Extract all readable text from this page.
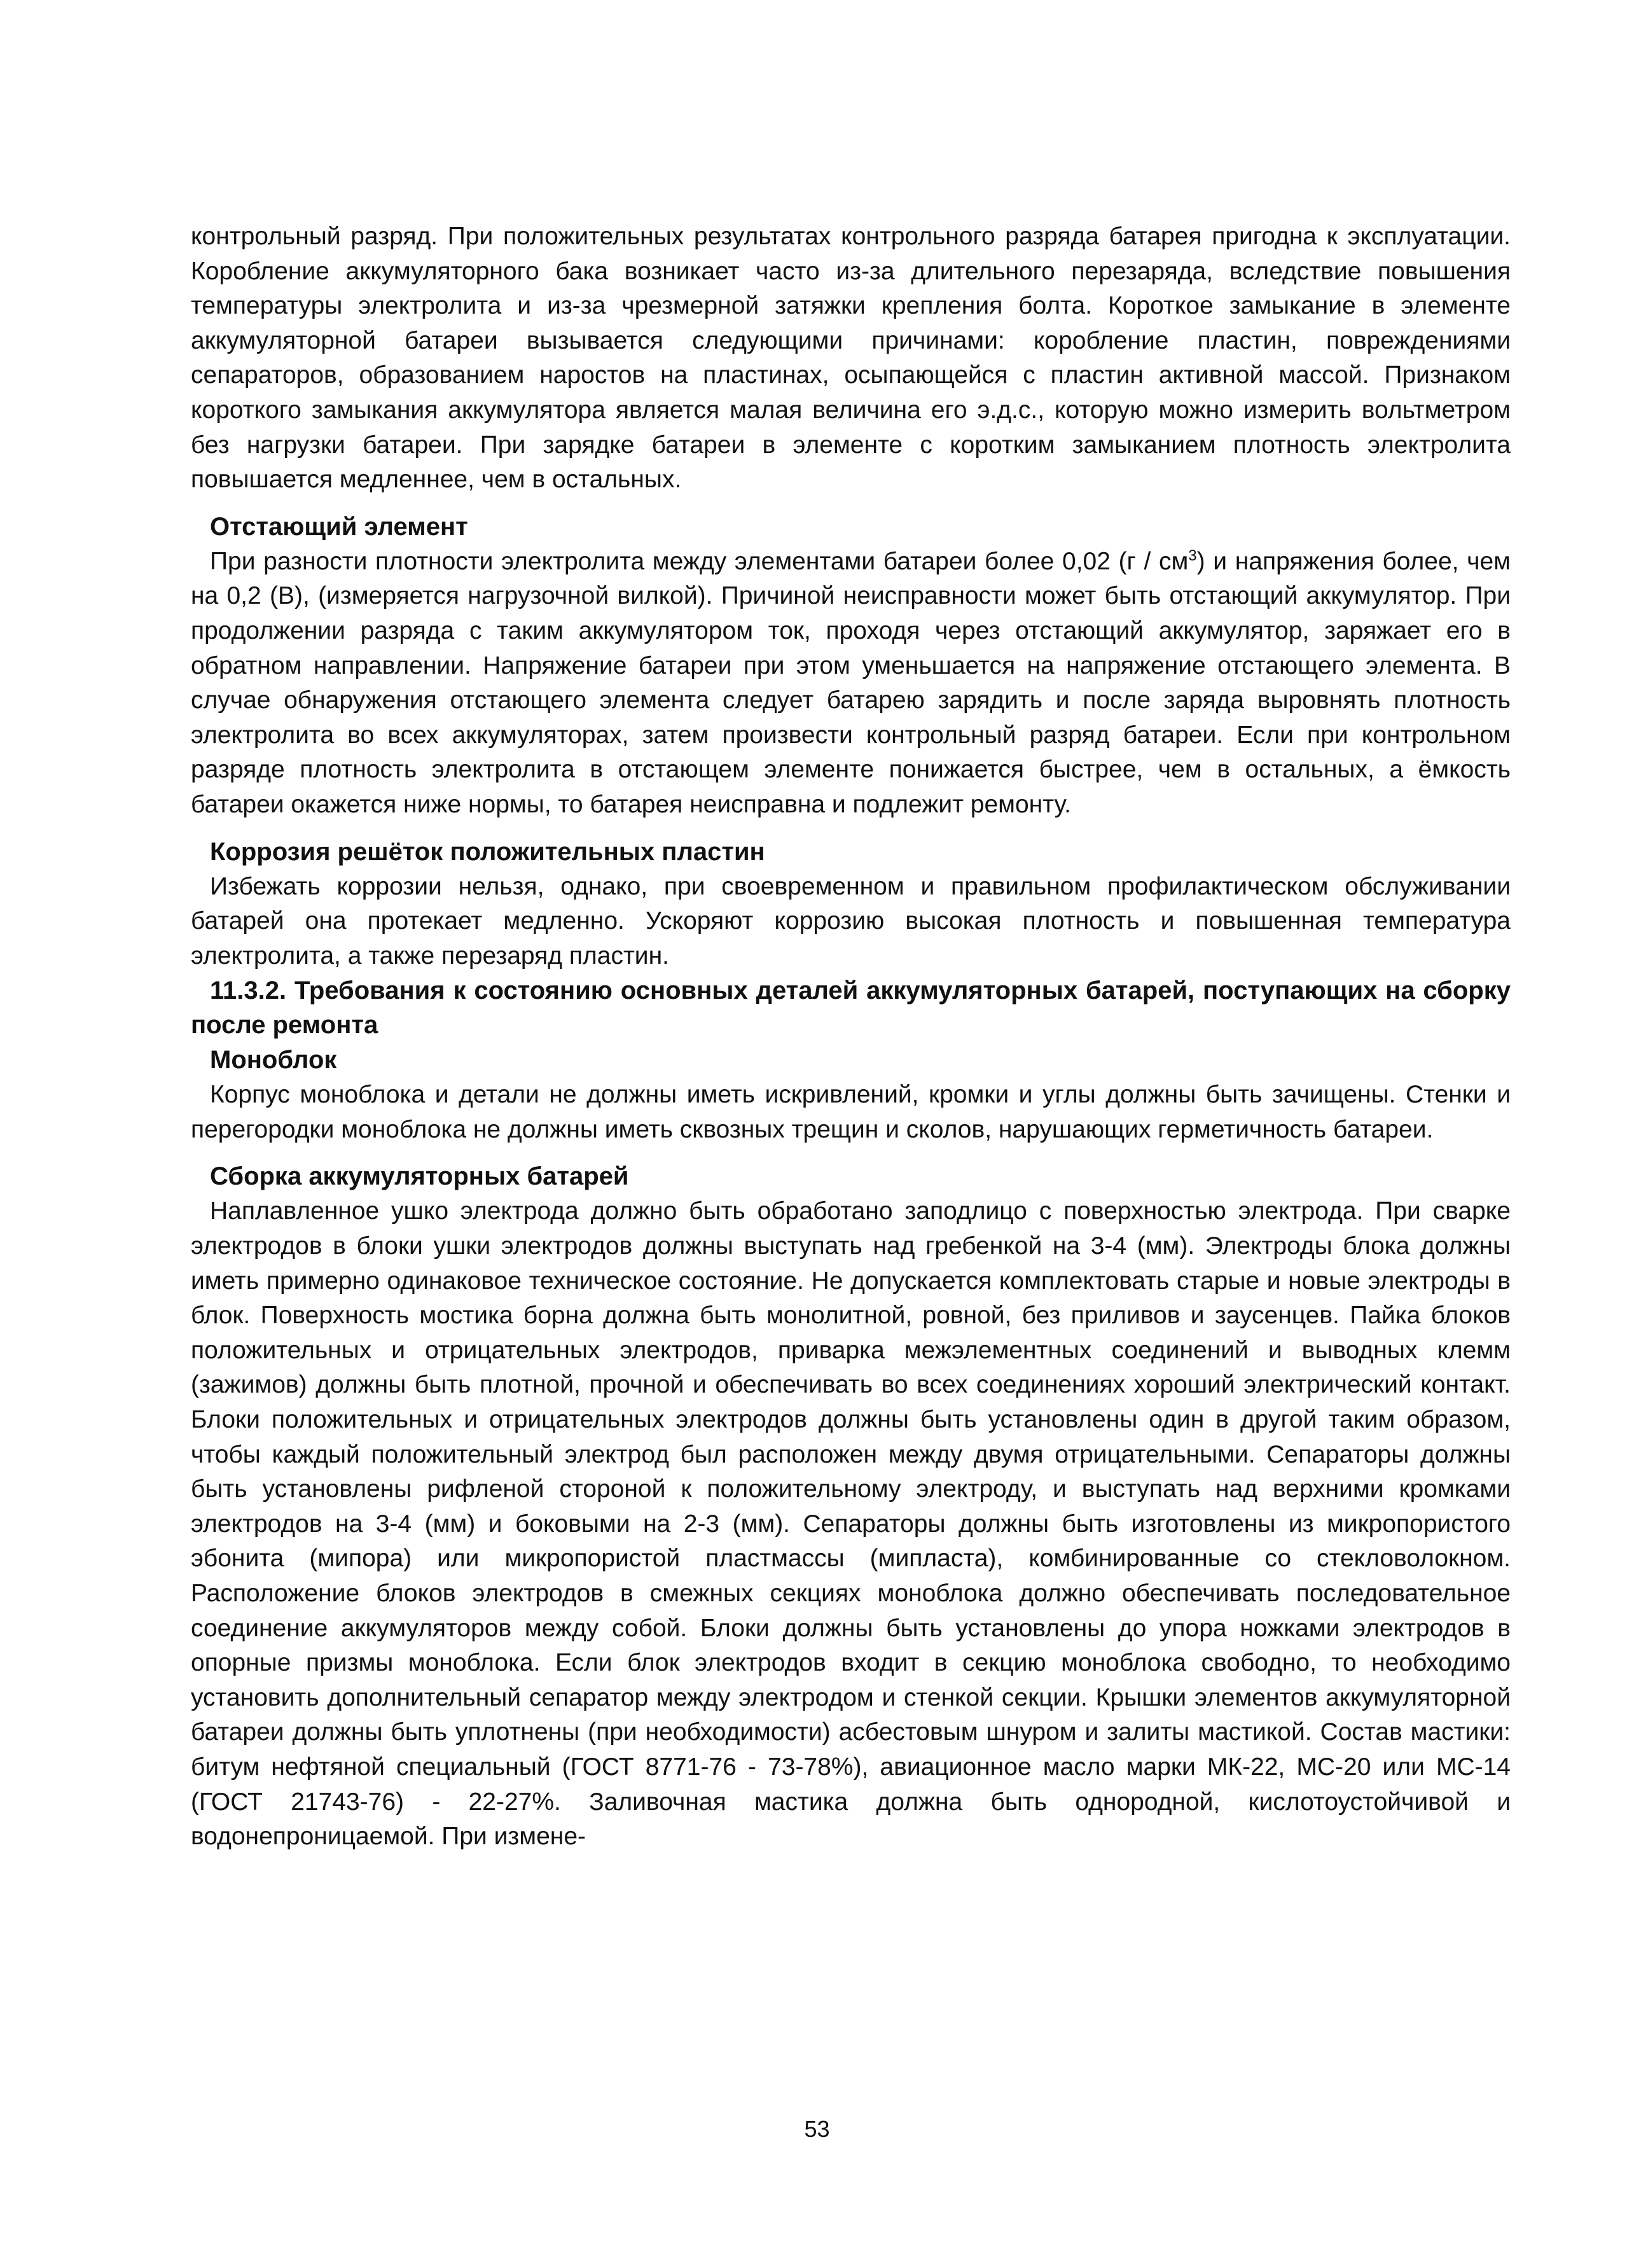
контрольный разряд. При положительных результатах контрольного разряда батарея пригодна к эксплуатации. Коробление аккумуляторного бака возникает часто из-за длительного перезаряда, вследствие повышения температуры электролита и из-за чрезмерной затяжки крепления болта. Короткое замыкание в элементе аккумуляторной батареи вызывается следующими причинами: коробление пластин, повреждениями сепараторов, образованием наростов на пластинах, осыпающейся с пластин активной массой. Признаком короткого замыкания аккумулятора является малая величина его э.д.с., которую можно измерить вольтметром без нагрузки батареи. При зарядке батареи в элементе с коротким замыканием плотность электролита повышается медленнее, чем в остальных.

Отстающий элемент

При разности плотности электролита между элементами батареи более 0,02 $(г / см^3)$ и напряжения более, чем на 0,2 (В), (измеряется нагрузочной вилкой). Причиной неисправности может быть отстающий аккумулятор. При продолжении разряда с таким аккумулятором ток, проходя через отстающий аккумулятор, заряжает его в обратном направлении. Напряжение батареи при этом уменьшается на напряжение отстающего элемента. В случае обнаружения отстающего элемента следует батарею зарядить и после заряда выровнять плотность электролита во всех аккумуляторах, затем произвести контрольный разряд батареи. Если при контрольном разряде плотность электролита в отстающем элементе понижается быстрее, чем в остальных, а ёмкость батареи окажется ниже нормы, то батарея неисправна и подлежит ремонту.

Коррозия решёток положительных пластин

Избежать коррозии нельзя, однако, при своевременном и правильном профилактическом обслуживании батарей она протекает медленно. Ускоряют коррозию высокая плотность и повышенная температура электролита, а также перезаряд пластин.

11.3.2. Требования к состоянию основных деталей аккумуляторных батарей, поступающих на сборку после ремонта
Моноблок

Корпус моноблока и детали не должны иметь искривлений, кромки и углы должны быть зачищены. Стенки и перегородки моноблока не должны иметь сквозных трещин и сколов, нарушающих герметичность батареи.

Сборка аккумуляторных батарей

Наплавленное ушко электрода должно быть обработано заподлицо с поверхностью электрода. При сварке электродов в блоки ушки электродов должны выступать над гребенкой на 3-4 (мм). Электроды блока должны иметь примерно одинаковое техническое состояние. Не допускается комплектовать старые и новые электроды в блок. Поверхность мостика борна должна быть монолитной, ровной, без приливов и заусенцев. Пайка блоков положительных и отрицательных электродов, приварка межэлементных соединений и выводных клемм (зажимов) должны быть плотной, прочной и обеспечивать во всех соединениях хороший электрический контакт. Блоки положительных и отрицательных электродов должны быть установлены один в другой таким образом, чтобы каждый положительный электрод был расположен между двумя отрицательными. Сепараторы должны быть установлены рифленой стороной к положительному электроду, и выступать над верхними кромками электродов на 3-4 (мм) и боковыми на 2-3 (мм). Сепараторы должны быть изготовлены из микропористого эбонита (мипора) или микропористой пластмассы (мипласта), комбинированные со стекловолокном. Расположение блоков электродов в смежных секциях моноблока должно обеспечивать последовательное соединение аккумуляторов между собой. Блоки должны быть установлены до упора ножками электродов в опорные призмы моноблока. Если блок электродов входит в секцию моноблока свободно, то необходимо установить дополнительный сепаратор между электродом и стенкой секции. Крышки элементов аккумуляторной батареи должны быть уплотнены (при необходимости) асбестовым шнуром и залиты мастикой. Состав мастики: битум нефтяной специальный (ГОСТ 8771-76 - 73-78%), авиационное масло марки МК-22, МС-20 или МС-14 (ГОСТ 21743-76) - 22-27%. Заливочная мастика должна быть однородной, кислотоустойчивой и водонепроницаемой. При измене-

53
